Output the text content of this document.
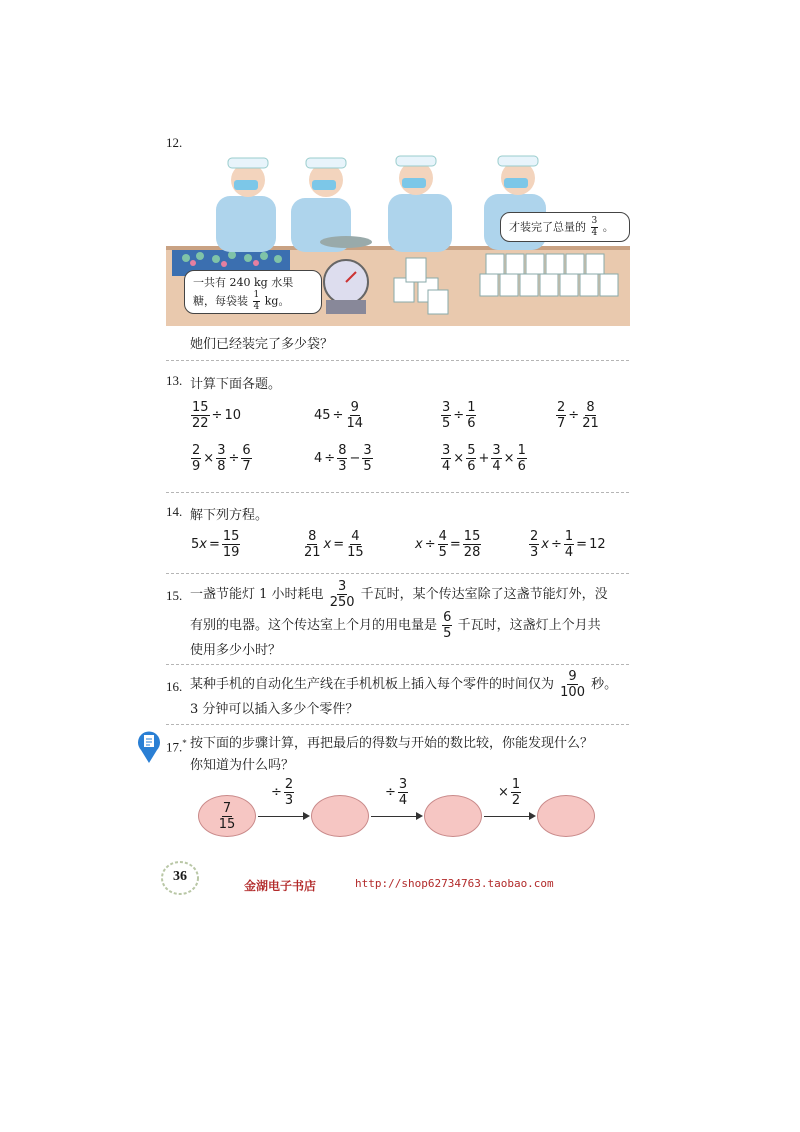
12.
一共有 240 kg 水果
糖，每袋装 $\frac{1}{4}$ kg。
才装完了总量的 $\frac{3}{4}$ 。
她们已经装完了多少袋？
13. 计算下面各题。
$\frac{15}{22} \div 10$	$45 \div \frac{9}{14}$	$\frac{3}{5} \div \frac{1}{6}$	$\frac{2}{7} \div \frac{8}{21}$
$\frac{2}{9} \times \frac{3}{8} \div \frac{6}{7}$	$4 \div \frac{8}{3} - \frac{3}{5}$	$\frac{3}{4} \times \frac{5}{6} + \frac{3}{4} \times \frac{1}{6}$
14. 解下列方程。
$5x = \frac{15}{19}$	$\frac{8}{21}$ $x = \frac{4}{15}$	$x \div \frac{4}{5} = \frac{15}{28}$	$\frac{2}{3}$ $x \div \frac{1}{4} = 12$
15. 一盏节能灯 1 小时耗电 $\frac{3}{250}$ 千瓦时，某个传达室除了这盏节能灯外，没
有别的电器。这个传达室上个月的用电量是 $\frac{6}{5}$ 千瓦时，这盏灯上个月共
使用多少小时？
16. 某种手机的自动化生产线在手机机板上插入每个零件的时间仅为 $\frac{9}{100}$ 秒。
3 分钟可以插入多少个零件？
17.* 按下面的步骤计算，再把最后的得数与开始的数比较，你能发现什么？
你知道为什么吗？
$\frac{7}{15}$
÷ $\frac{2}{3}$	÷ $\frac{3}{4}$	× $\frac{1}{2}$
36
金湖电子书店	http://shop62734763.taobao.com
